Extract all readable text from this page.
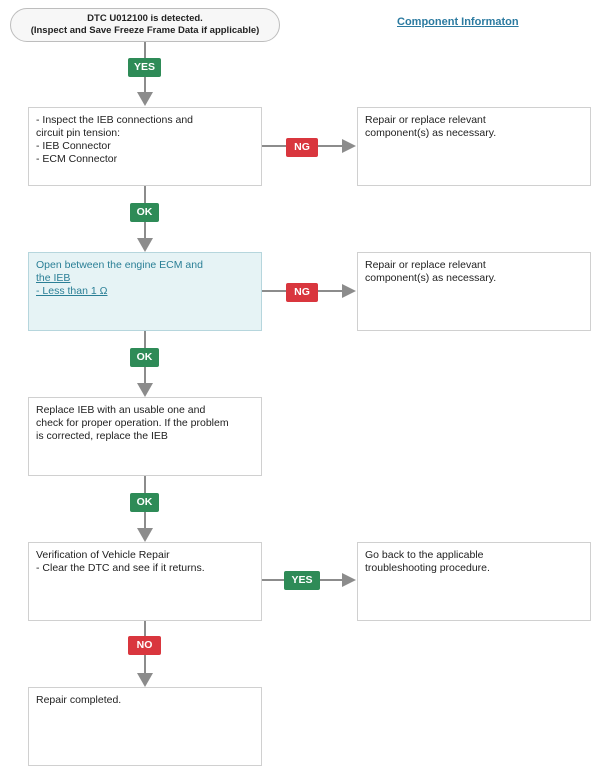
DTC U012100 is detected.
(Inspect and Save Freeze Frame Data if applicable)
Component Informaton
YES
OK
OK
OK
NO
NG
NG
YES
- Inspect the IEB connections and
circuit pin tension:
- IEB Connector
- ECM Connector
Open between the engine ECM and
the IEB
- Less than 1 Ω
Replace IEB with an usable one and
check for proper operation. If the problem
is corrected, replace the IEB
Verification of Vehicle Repair
- Clear the DTC and see if it returns.
Repair completed.
Repair or replace relevant
component(s) as necessary.
Repair or replace relevant
component(s) as necessary.
Go back to the applicable
troubleshooting procedure.
